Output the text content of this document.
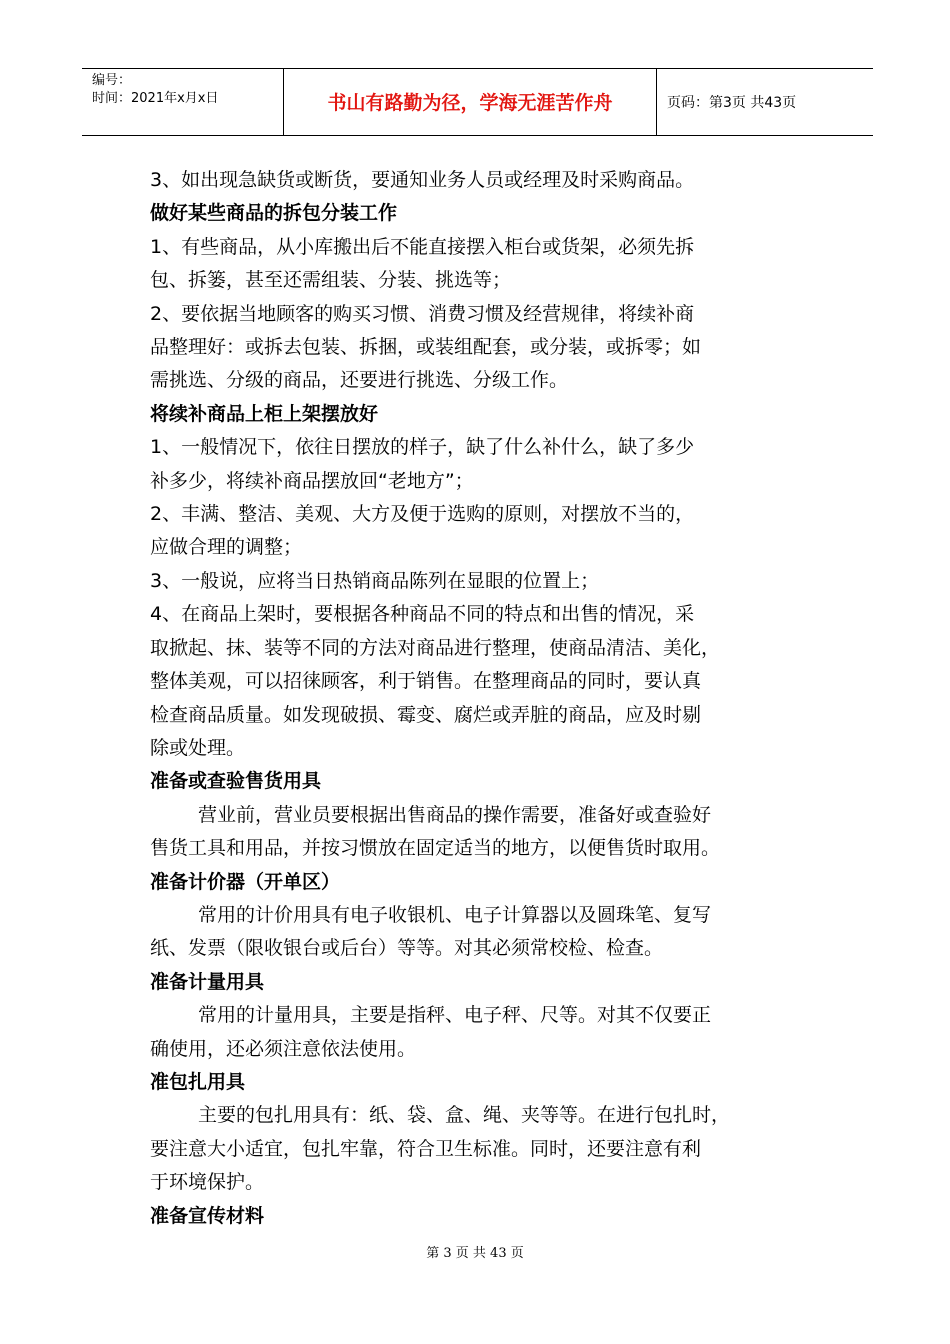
编号：
时间：2021年x月x日	书山有路勤为径，学海无涯苦作舟	页码：第3页 共43页

3、如出现急缺货或断货，要通知业务人员或经理及时采购商品。

做好某些商品的拆包分装工作

1、有些商品，从小库搬出后不能直接摆入柜台或货架，必须先拆

包、拆篓，甚至还需组装、分装、挑选等；

2、要依据当地顾客的购买习惯、消费习惯及经营规律，将续补商

品整理好：或拆去包装、拆捆，或装组配套，或分装，或拆零；如

需挑选、分级的商品，还要进行挑选、分级工作。

将续补商品上柜上架摆放好

1、一般情况下，依往日摆放的样子，缺了什么补什么，缺了多少

补多少，将续补商品摆放回“老地方”；

2、丰满、整洁、美观、大方及便于选购的原则，对摆放不当的，

应做合理的调整；

3、一般说，应将当日热销商品陈列在显眼的位置上；

4、在商品上架时，要根据各种商品不同的特点和出售的情况，采

取掀起、抹、装等不同的方法对商品进行整理，使商品清洁、美化，

整体美观，可以招徕顾客，利于销售。在整理商品的同时，要认真

检查商品质量。如发现破损、霉变、腐烂或弄脏的商品，应及时剔

除或处理。

准备或查验售货用具

营业前，营业员要根据出售商品的操作需要，准备好或查验好

售货工具和用品，并按习惯放在固定适当的地方，以便售货时取用。

准备计价器（开单区）

常用的计价用具有电子收银机、电子计算器以及圆珠笔、复写

纸、发票（限收银台或后台）等等。对其必须常校检、检查。

准备计量用具

常用的计量用具，主要是指秤、电子秤、尺等。对其不仅要正

确使用，还必须注意依法使用。

准包扎用具

主要的包扎用具有：纸、袋、盒、绳、夹等等。在进行包扎时，

要注意大小适宜，包扎牢靠，符合卫生标准。同时，还要注意有利

于环境保护。

准备宣传材料

第 3 页 共 43 页
